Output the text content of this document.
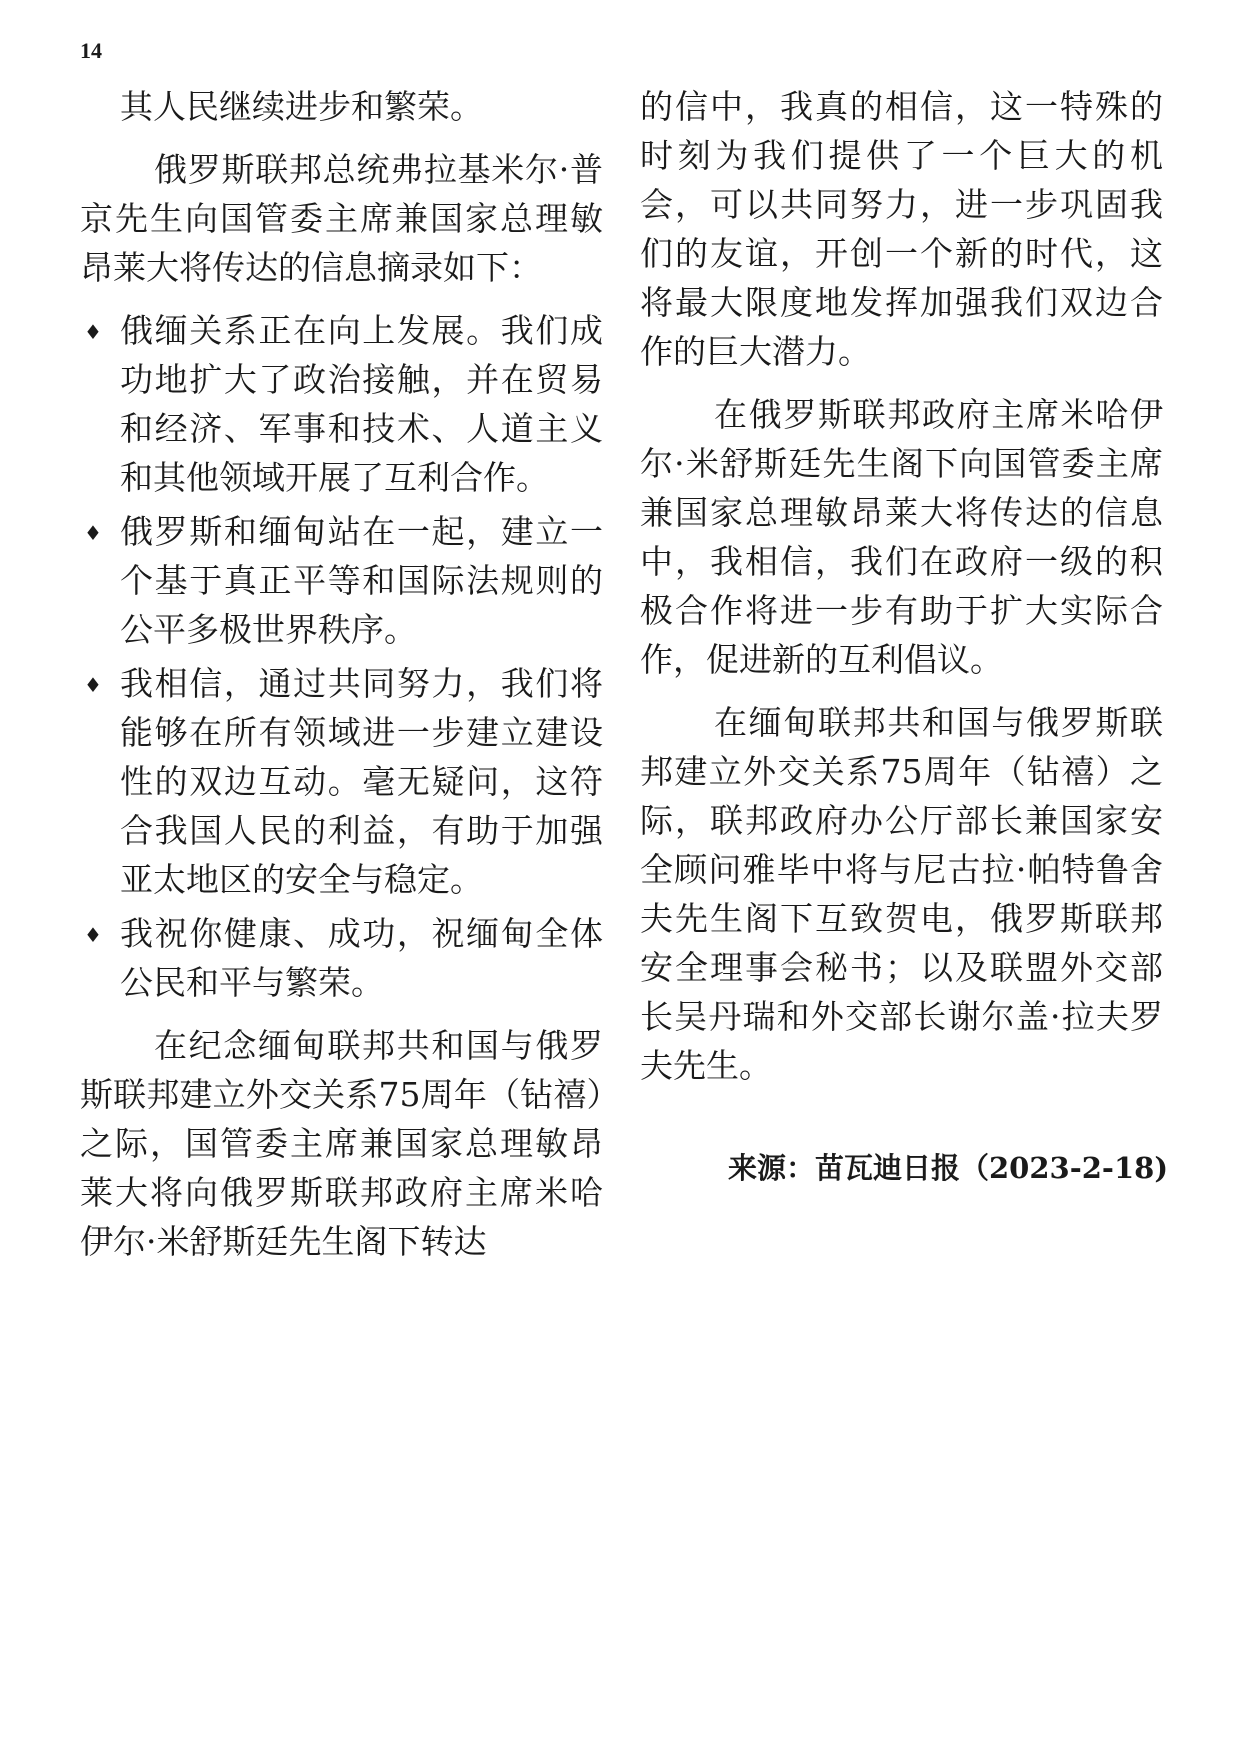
14

其人民继续进步和繁荣。

俄罗斯联邦总统弗拉基米尔·普京先生向国管委主席兼国家总理敏昂莱大将传达的信息摘录如下：

♦ 俄缅关系正在向上发展。我们成功地扩大了政治接触，并在贸易和经济、军事和技术、人道主义和其他领域开展了互利合作。
♦ 俄罗斯和缅甸站在一起，建立一个基于真正平等和国际法规则的公平多极世界秩序。
♦ 我相信，通过共同努力，我们将能够在所有领域进一步建立建设性的双边互动。毫无疑问，这符合我国人民的利益，有助于加强亚太地区的安全与稳定。
♦ 我祝你健康、成功，祝缅甸全体公民和平与繁荣。

在纪念缅甸联邦共和国与俄罗斯联邦建立外交关系75周年（钻禧）之际，国管委主席兼国家总理敏昂莱大将向俄罗斯联邦政府主席米哈伊尔·米舒斯廷先生阁下转达

的信中，我真的相信，这一特殊的时刻为我们提供了一个巨大的机会，可以共同努力，进一步巩固我们的友谊，开创一个新的时代，这将最大限度地发挥加强我们双边合作的巨大潜力。

在俄罗斯联邦政府主席米哈伊尔·米舒斯廷先生阁下向国管委主席兼国家总理敏昂莱大将传达的信息中，我相信，我们在政府一级的积极合作将进一步有助于扩大实际合作，促进新的互利倡议。

在缅甸联邦共和国与俄罗斯联邦建立外交关系75周年（钻禧）之际，联邦政府办公厅部长兼国家安全顾问雅毕中将与尼古拉·帕特鲁舍夫先生阁下互致贺电，俄罗斯联邦安全理事会秘书；以及联盟外交部长吴丹瑞和外交部长谢尔盖·拉夫罗夫先生。

来源：苗瓦迪日报（2023-2-18)
